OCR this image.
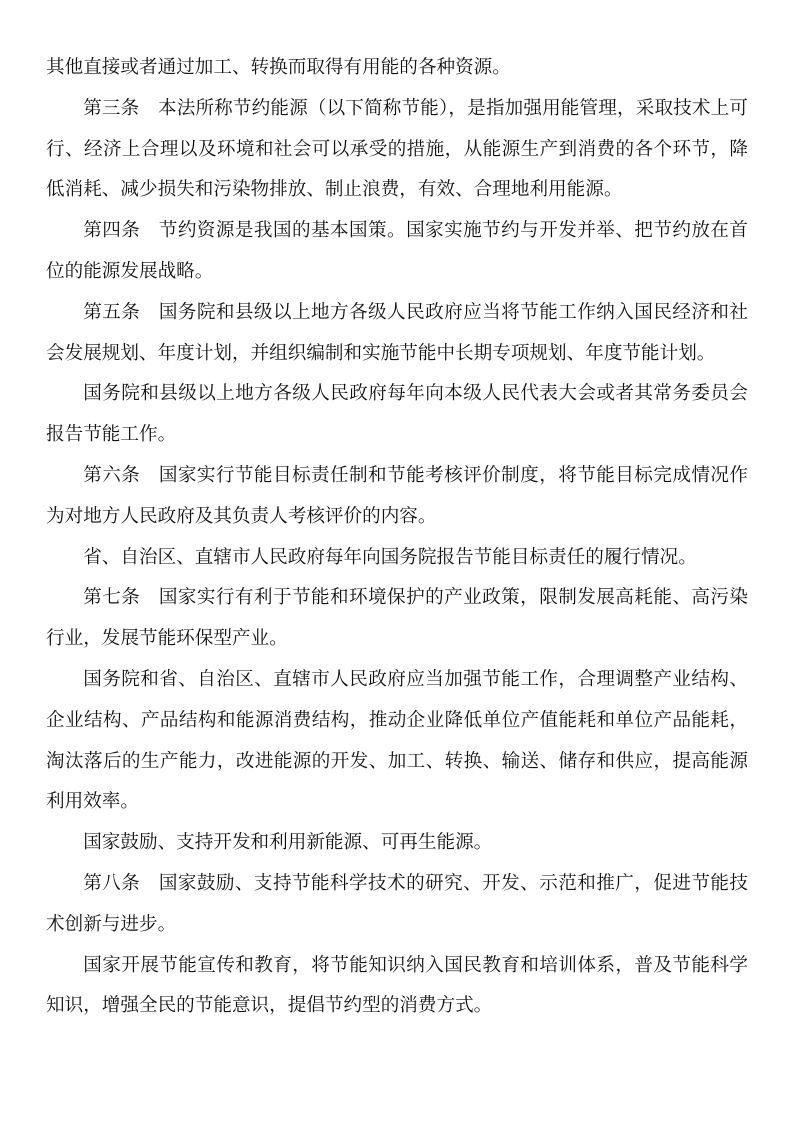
其他直接或者通过加工、转换而取得有用能的各种资源。

第三条 本法所称节约能源（以下简称节能），是指加强用能管理，采取技术上可行、经济上合理以及环境和社会可以承受的措施，从能源生产到消费的各个环节，降低消耗、减少损失和污染物排放、制止浪费，有效、合理地利用能源。

第四条 节约资源是我国的基本国策。国家实施节约与开发并举、把节约放在首位的能源发展战略。

第五条 国务院和县级以上地方各级人民政府应当将节能工作纳入国民经济和社会发展规划、年度计划，并组织编制和实施节能中长期专项规划、年度节能计划。

国务院和县级以上地方各级人民政府每年向本级人民代表大会或者其常务委员会报告节能工作。

第六条 国家实行节能目标责任制和节能考核评价制度，将节能目标完成情况作为对地方人民政府及其负责人考核评价的内容。

省、自治区、直辖市人民政府每年向国务院报告节能目标责任的履行情况。

第七条 国家实行有利于节能和环境保护的产业政策，限制发展高耗能、高污染行业，发展节能环保型产业。

国务院和省、自治区、直辖市人民政府应当加强节能工作，合理调整产业结构、企业结构、产品结构和能源消费结构，推动企业降低单位产值能耗和单位产品能耗，淘汰落后的生产能力，改进能源的开发、加工、转换、输送、储存和供应，提高能源利用效率。

国家鼓励、支持开发和利用新能源、可再生能源。

第八条 国家鼓励、支持节能科学技术的研究、开发、示范和推广，促进节能技术创新与进步。

国家开展节能宣传和教育，将节能知识纳入国民教育和培训体系，普及节能科学知识，增强全民的节能意识，提倡节约型的消费方式。
